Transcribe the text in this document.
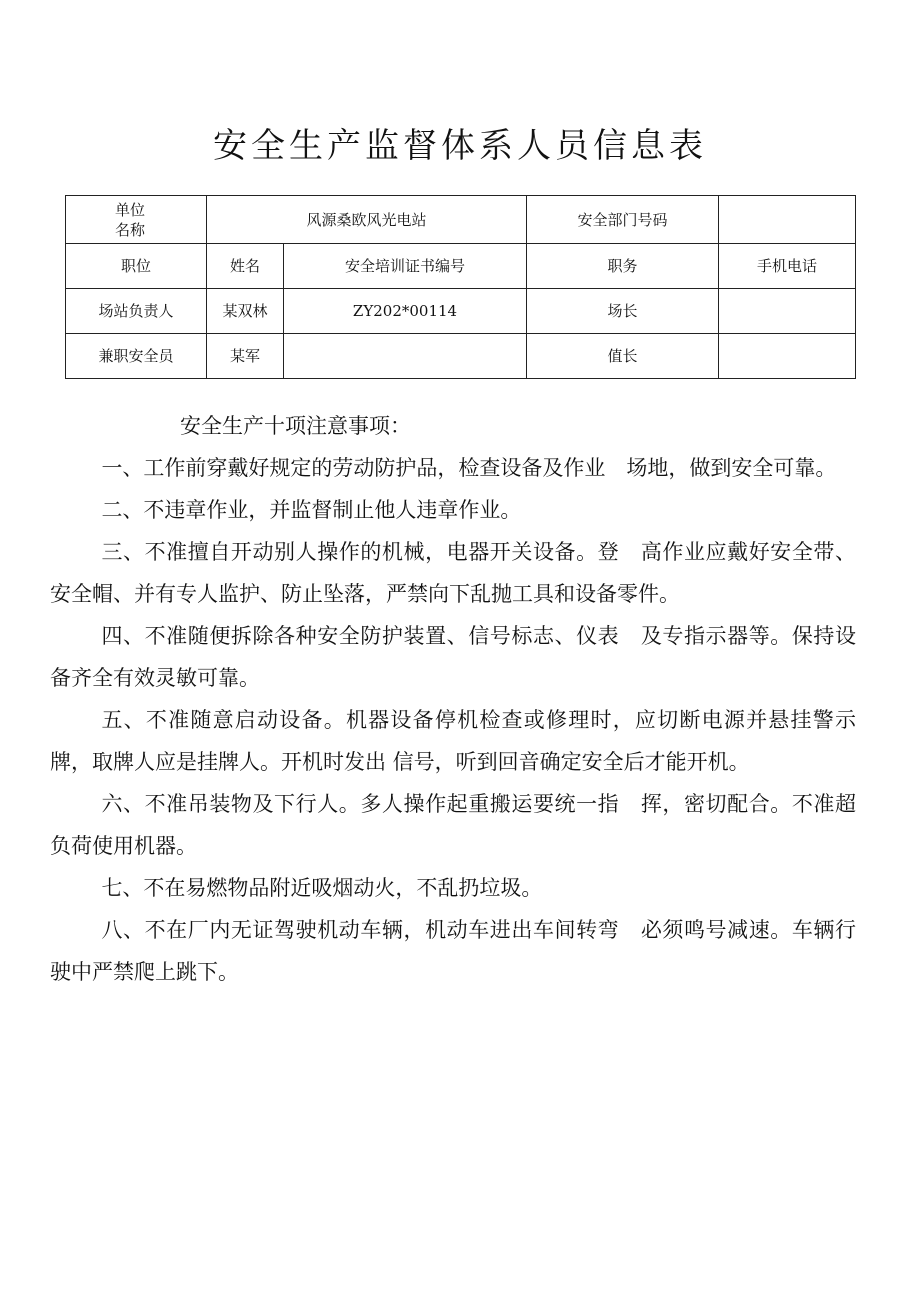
安全生产监督体系人员信息表
单位
名称	风源桑欧风光电站		安全部门号码	
职位	姓名	安全培训证书编号	职务	手机电话
场站负责人	某双林	ZY202*00114	场长	
兼职安全员	某军		值长	

安全生产十项注意事项：

一、工作前穿戴好规定的劳动防护品，检查设备及作业　场地，做到安全可靠。

二、不违章作业，并监督制止他人违章作业。

三、不准擅自开动别人操作的机械，电器开关设备。登　高作业应戴好安全带、安全帽、并有专人监护、防止坠落，严禁向下乱抛工具和设备零件。

四、不准随便拆除各种安全防护装置、信号标志、仪表　及专指示器等。保持设备齐全有效灵敏可靠。

五、不准随意启动设备。机器设备停机检查或修理时，应切断电源并悬挂警示牌，取牌人应是挂牌人。开机时发出 信号，听到回音确定安全后才能开机。

六、不准吊装物及下行人。多人操作起重搬运要统一指　挥，密切配合。不准超负荷使用机器。

七、不在易燃物品附近吸烟动火，不乱扔垃圾。

八、不在厂内无证驾驶机动车辆，机动车进出车间转弯　必须鸣号减速。车辆行驶中严禁爬上跳下。
